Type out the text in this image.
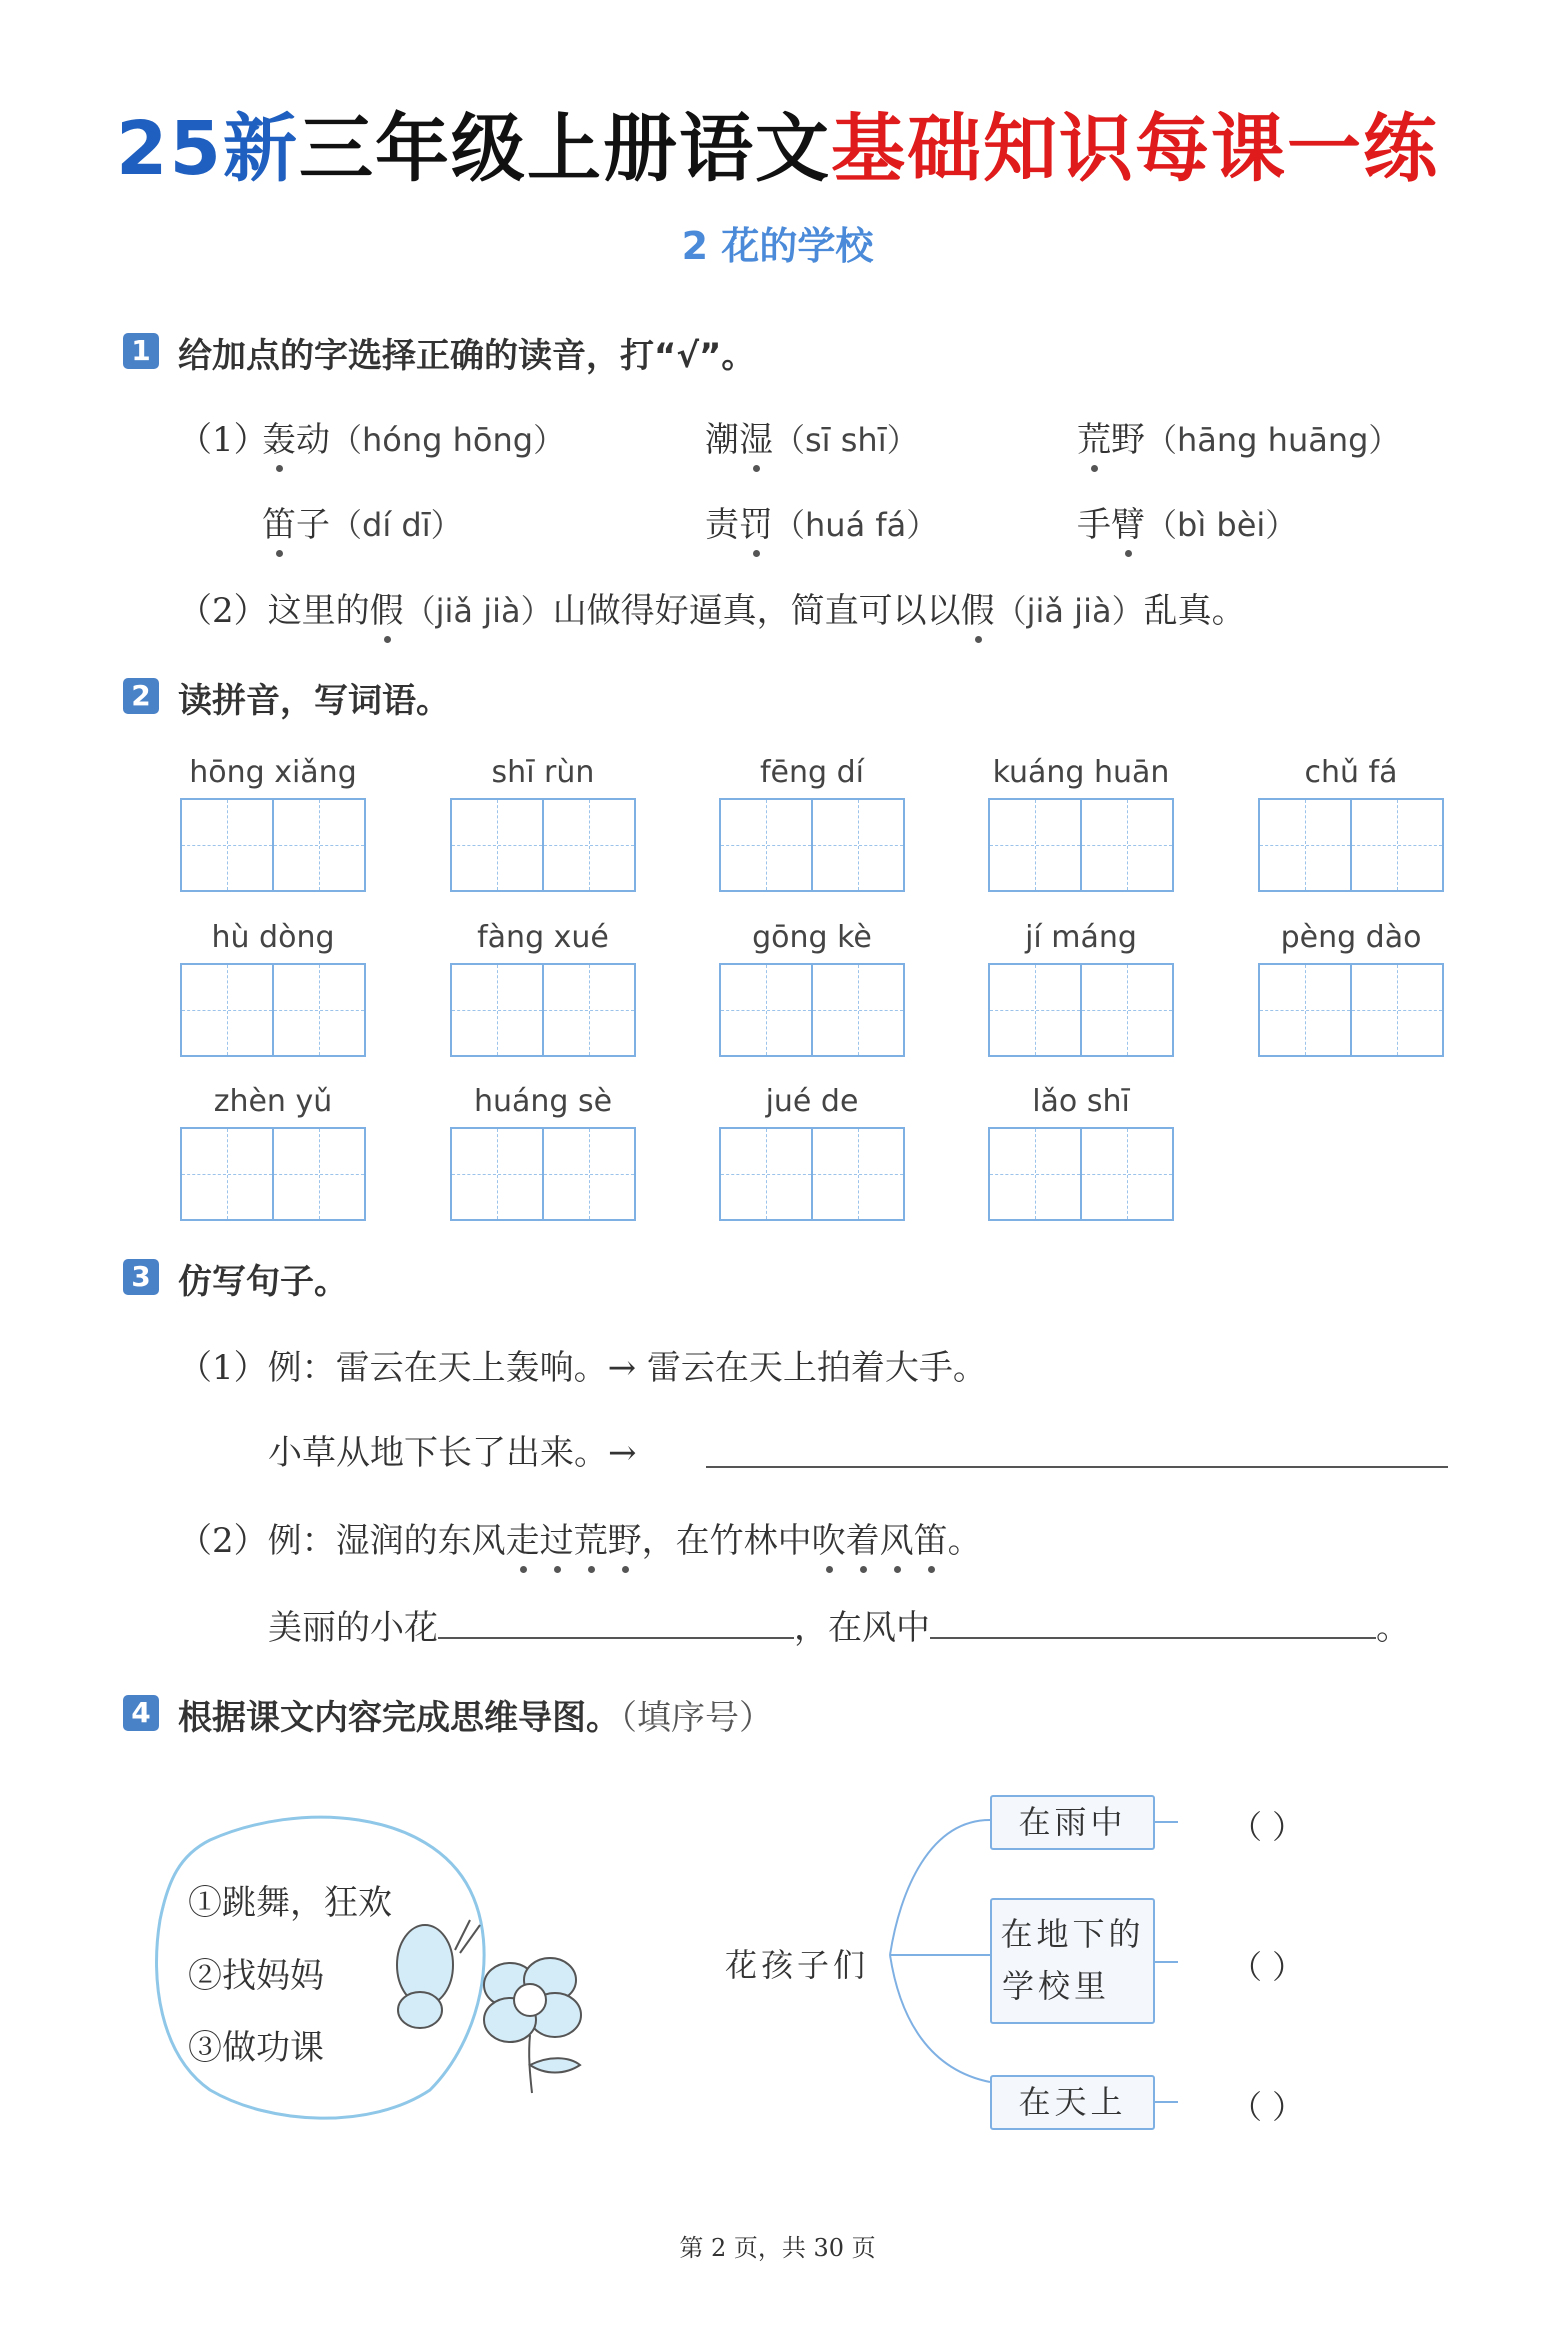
25新三年级上册语文基础知识每课一练
2 花的学校
1 给加点的字选择正确的读音，打“√”。
（1）
轰动（hóng hōng）	潮湿（sī shī）	荒野（hāng huāng）
笛子（dí dī）	责罚（huá fá）	手臂（bì bèi）
（2）这里的假（jiǎ jià）山做得好逼真，简直可以以假（jiǎ jià）乱真。
2 读拼音，写词语。
hōng xiǎng	shī rùn	fēng dí	kuáng huān	chǔ fá
hù dòng	fàng xué	gōng kè	jí máng	pèng dào
zhèn yǔ	huáng sè	jué de	lǎo shī
3 仿写句子。
（1）例：雷云在天上轰响。→ 雷云在天上拍着大手。
小草从地下长了出来。→
（2）例：湿润的东风走过荒野，在竹林中吹着风笛。
美丽的小花	，在风中	。
4 根据课文内容完成思维导图。（填序号）
①跳舞，狂欢
②找妈妈
③做功课
花孩子们
在雨中
在地下的
学校里
在天上
（ ）
（ ）
（ ）
第 2 页，共 30 页
